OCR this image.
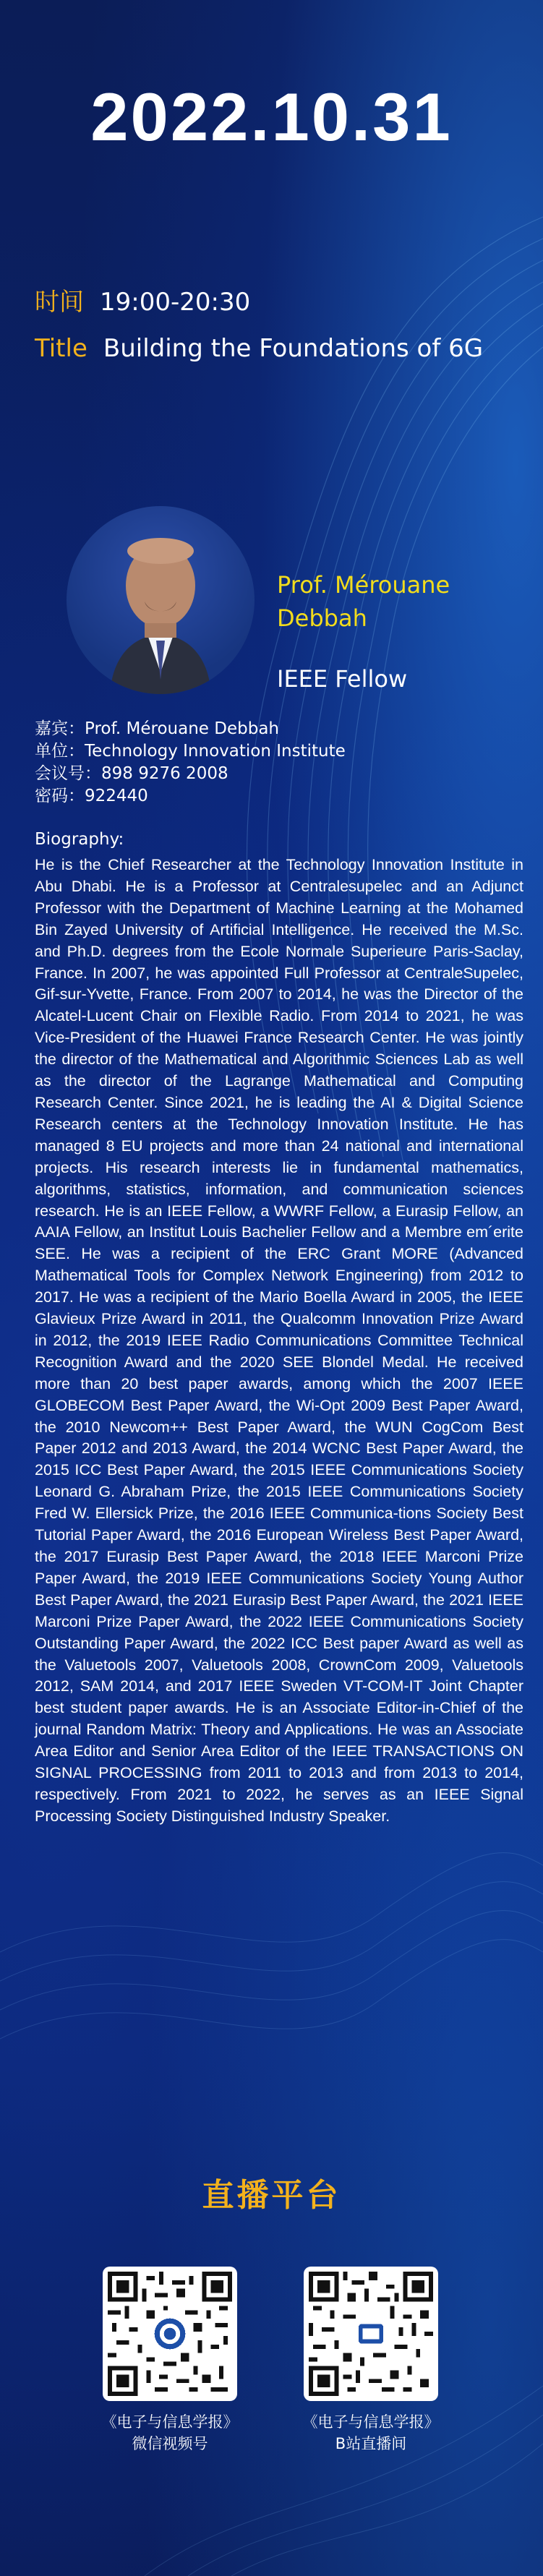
2022.10.31
时间 19:00-20:30
Title Building the Foundations of 6G
Prof. Mérouane Debbah
IEEE Fellow
嘉宾：Prof. Mérouane Debbah
单位：Technology Innovation Institute
会议号：898 9276 2008
密码：922440
Biography:

He is the Chief Researcher at the Technology Innovation Institute in Abu Dhabi. He is a Professor at Centralesupelec and an Adjunct Professor with the Department of Machine Learning at the Mohamed Bin Zayed University of Artificial Intelligence. He received the M.Sc. and Ph.D. degrees from the Ecole Normale Superieure Paris-Saclay, France. In 2007, he was appointed Full Professor at CentraleSupelec, Gif-sur-Yvette, France. From 2007 to 2014, he was the Director of the Alcatel-Lucent Chair on Flexible Radio. From 2014 to 2021, he was Vice-President of the Huawei France Research Center. He was jointly the director of the Mathematical and Algorithmic Sciences Lab as well as the director of the Lagrange Mathematical and Computing Research Center. Since 2021, he is leading the AI & Digital Science Research centers at the Technology Innovation Institute. He has managed 8 EU projects and more than 24 national and international projects. His research interests lie in fundamental mathematics, algorithms, statistics, information, and communication sciences research. He is an IEEE Fellow, a WWRF Fellow, a Eurasip Fellow, an AAIA Fellow, an Institut Louis Bachelier Fellow and a Membre em´erite SEE. He was a recipient of the ERC Grant MORE (Advanced Mathematical Tools for Complex Network Engineering) from 2012 to 2017. He was a recipient of the Mario Boella Award in 2005, the IEEE Glavieux Prize Award in 2011, the Qualcomm Innovation Prize Award in 2012, the 2019 IEEE Radio Communications Committee Technical Recognition Award and the 2020 SEE Blondel Medal. He received more than 20 best paper awards, among which the 2007 IEEE GLOBECOM Best Paper Award, the Wi-Opt 2009 Best Paper Award, the 2010 Newcom++ Best Paper Award, the WUN CogCom Best Paper 2012 and 2013 Award, the 2014 WCNC Best Paper Award, the 2015 ICC Best Paper Award, the 2015 IEEE Communications Society Leonard G. Abraham Prize, the 2015 IEEE Communications Society Fred W. Ellersick Prize, the 2016 IEEE Communica-tions Society Best Tutorial Paper Award, the 2016 European Wireless Best Paper Award, the 2017 Eurasip Best Paper Award, the 2018 IEEE Marconi Prize Paper Award, the 2019 IEEE Communications Society Young Author Best Paper Award, the 2021 Eurasip Best Paper Award, the 2021 IEEE Marconi Prize Paper Award, the 2022 IEEE Communications Society Outstanding Paper Award, the 2022 ICC Best paper Award as well as the Valuetools 2007, Valuetools 2008, CrownCom 2009, Valuetools 2012, SAM 2014, and 2017 IEEE Sweden VT-COM-IT Joint Chapter best student paper awards. He is an Associate Editor-in-Chief of the journal Random Matrix: Theory and Applications. He was an Associate Area Editor and Senior Area Editor of the IEEE TRANSACTIONS ON SIGNAL PROCESSING from 2011 to 2013 and from 2013 to 2014, respectively. From 2021 to 2022, he serves as an IEEE Signal Processing Society Distinguished Industry Speaker.

直播平台
《电子与信息学报》
微信视频号
《电子与信息学报》
B站直播间
